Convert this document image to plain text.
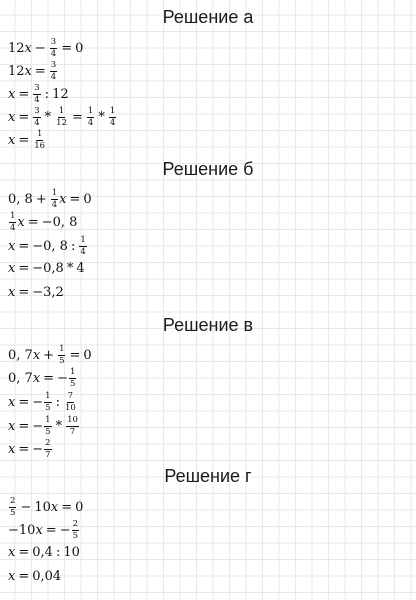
Решение а
12 $x - \frac{3}{4} = 0$
12 $x = \frac{3}{4}$
$x = \frac{3}{4}$ : 12
$x = \frac{3}{4} * \frac{1}{12} = \frac{1}{4} * \frac{1}{4}$
$x = \frac{1}{16}$
Решение б
0, $8 + \frac{1}{4}$ x = 0
$\frac{1}{4}$ x = −0, 8
x = −0, 8 : $\frac{1}{4}$
x = −0,8 * 4
x = −3,2
Решение в
0, 7 $x + \frac{1}{5} = 0$
0, 7 x = − $\frac{1}{5}$
x = − $\frac{1}{5}$ : $\frac{7}{10}$
x = − $\frac{1}{5} * \frac{10}{7}$
x = − $\frac{2}{7}$
Решение г
$\frac{2}{5} - 10$ x = 0
−10 x = − $\frac{2}{5}$
x = 0,4 : 10
x = 0,04
